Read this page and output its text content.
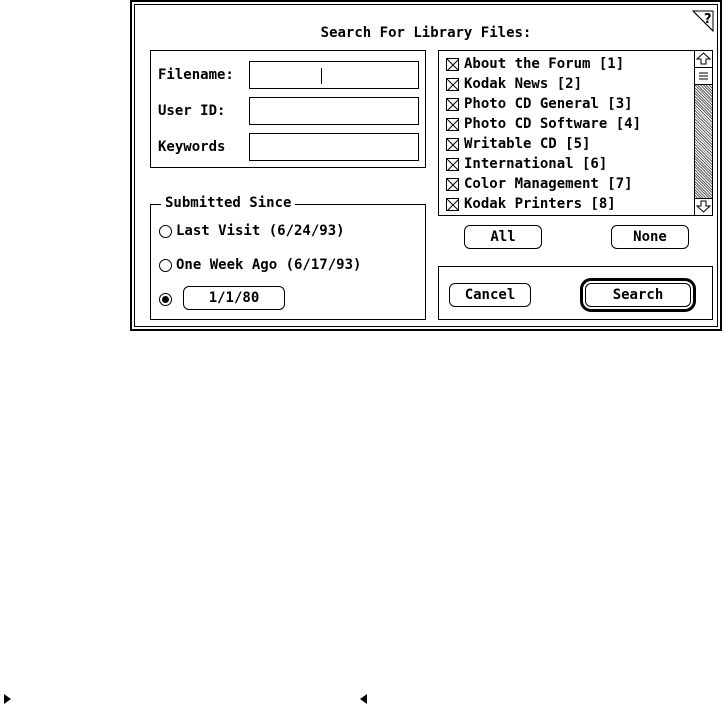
Search For Library Files:
?
Filename:
User ID:
Keywords
Submitted Since
Last Visit (6/24/93)
One Week Ago (6/17/93)
1/1/80
About the Forum [1]
Kodak News [2]
Photo CD General [3]
Photo CD Software [4]
Writable CD [5]
International [6]
Color Management [7]
Kodak Printers [8]
All	None
Cancel	Search
